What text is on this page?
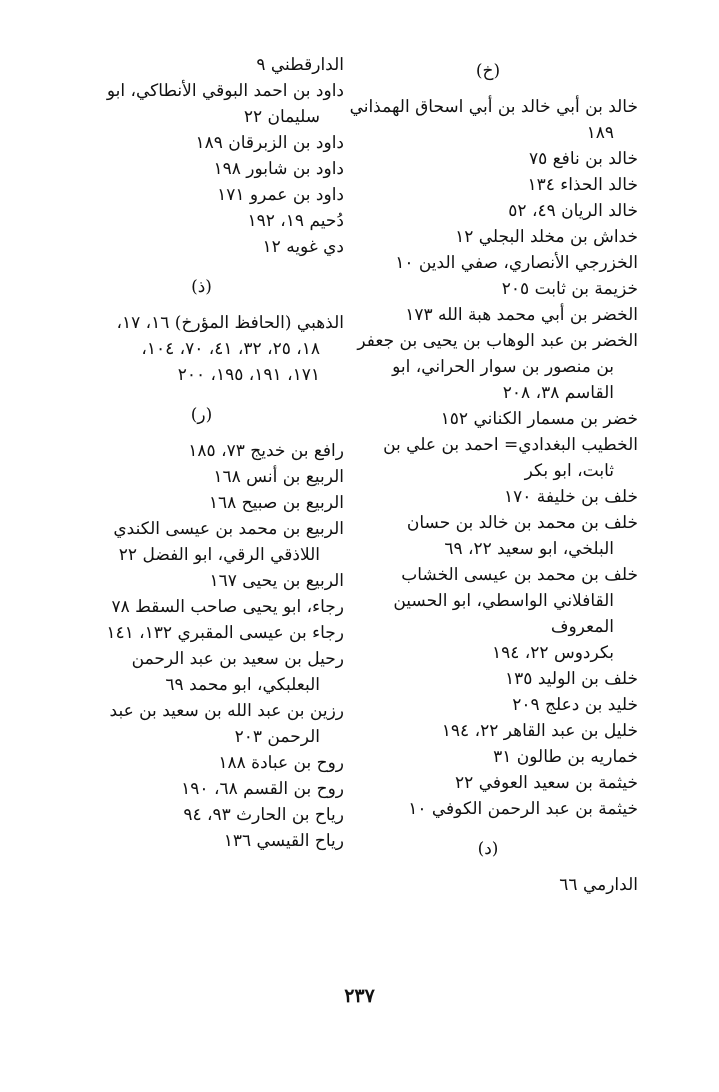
(خ)
خالد بن أبي خالد بن أبي اسحاق الهمذاني
١٨٩
خالد بن نافع ٧٥
خالد الحذاء ١٣٤
خالد الريان ٤٩، ٥٢
خداش بن مخلد البجلي ١٢
الخزرجي الأنصاري، صفي الدين ١٠
خزيمة بن ثابت ٢٠٥
الخضر بن أبي محمد هبة الله ١٧٣
الخضر بن عبد الوهاب بن يحيى بن جعفر
بن منصور بن سوار الحراني، ابو
القاسم ٣٨، ٢٠٨
خضر بن مسمار الكناني ١٥٢
الخطيب البغدادي= احمد بن علي بن
ثابت، ابو بكر
خلف بن خليفة ١٧٠
خلف بن محمد بن خالد بن حسان
البلخي، ابو سعيد ٢٢، ٦٩
خلف بن محمد بن عيسى الخشاب
القافلاني الواسطي، ابو الحسين المعروف
بكردوس ٢٢، ١٩٤
خلف بن الوليد ١٣٥
خليد بن دعلج ٢٠٩
خليل بن عبد القاهر ٢٢، ١٩٤
خماريه بن طالون ٣١
خيثمة بن سعيد العوفي ٢٢
خيثمة بن عبد الرحمن الكوفي ١٠
(د)
الدارمي ٦٦
الدارقطني ٩
داود بن احمد البوقي الأنطاكي، ابو
سليمان ٢٢
داود بن الزبرقان ١٨٩
داود بن شابور ١٩٨
داود بن عمرو ١٧١
دُحيم ١٩، ١٩٢
دي غويه ١٢
(ذ)
الذهبي (الحافظ المؤرخ) ١٦، ١٧،
١٨، ٢٥، ٣٢، ٤١، ٧٠، ١٠٤،
١٧١، ١٩١، ١٩٥، ٢٠٠
(ر)
رافع بن خديج ٧٣، ١٨٥
الربيع بن أنس ١٦٨
الربيع بن صبيح ١٦٨
الربيع بن محمد بن عيسى الكندي
اللاذقي الرقي، ابو الفضل ٢٢
الربيع بن يحيى ١٦٧
رجاء، ابو يحيى صاحب السقط ٧٨
رجاء بن عيسى المقبري ١٣٢، ١٤١
رحيل بن سعيد بن عبد الرحمن
البعلبكي، ابو محمد ٦٩
رزين بن عبد الله بن سعيد بن عبد
الرحمن ٢٠٣
روح بن عبادة ١٨٨
روح بن القسم ٦٨، ١٩٠
رياح بن الحارث ٩٣، ٩٤
رياح القيسي ١٣٦
٢٣٧
